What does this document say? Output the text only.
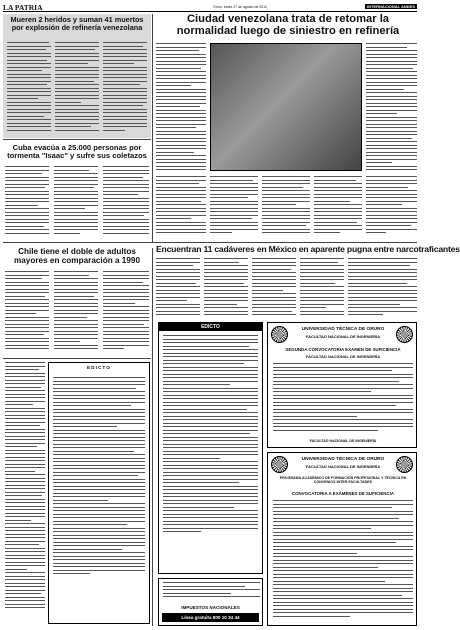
LA PATRIA	Oruro, lunes 27 de agosto de 2012	INTERNACIONAL ANDES
Mueren 2 heridos y suman 41 muertos por explosión de refinería venezolana
Cuba evacúa a 25.000 personas por tormenta "Isaac" y sufre sus coletazos
Chile tiene el doble de adultos mayores en comparación a 1990
EDICTO
Ciudad venezolana trata de retomar la normalidad luego de siniestro en refinería
Encuentran 11 cadáveres en México en aparente pugna entre narcotraficantes
EDICTO
IMPUESTOS NACIONALES
Línea gratuita 800 10 34 44
UNIVERSIDAD TÉCNICA DE ORURO
FACULTAD NACIONAL DE INGENIERÍA
SEGUNDA CONVOCATORIA EXAMEN DE SUFICIENCIA
FACULTAD NACIONAL DE INGENIERÍA
FACULTAD NACIONAL DE INGENIERÍA
UNIVERSIDAD TÉCNICA DE ORURO
FACULTAD NACIONAL DE INGENIERÍA
PROGRAMA ACADÉMICO DE FORMACIÓN PROFESIONAL Y TÉCNICA EN CONVENIOS INTER-FACULTADES
CONVOCATORIA A EXÁMENES DE SUFICIENCIA
